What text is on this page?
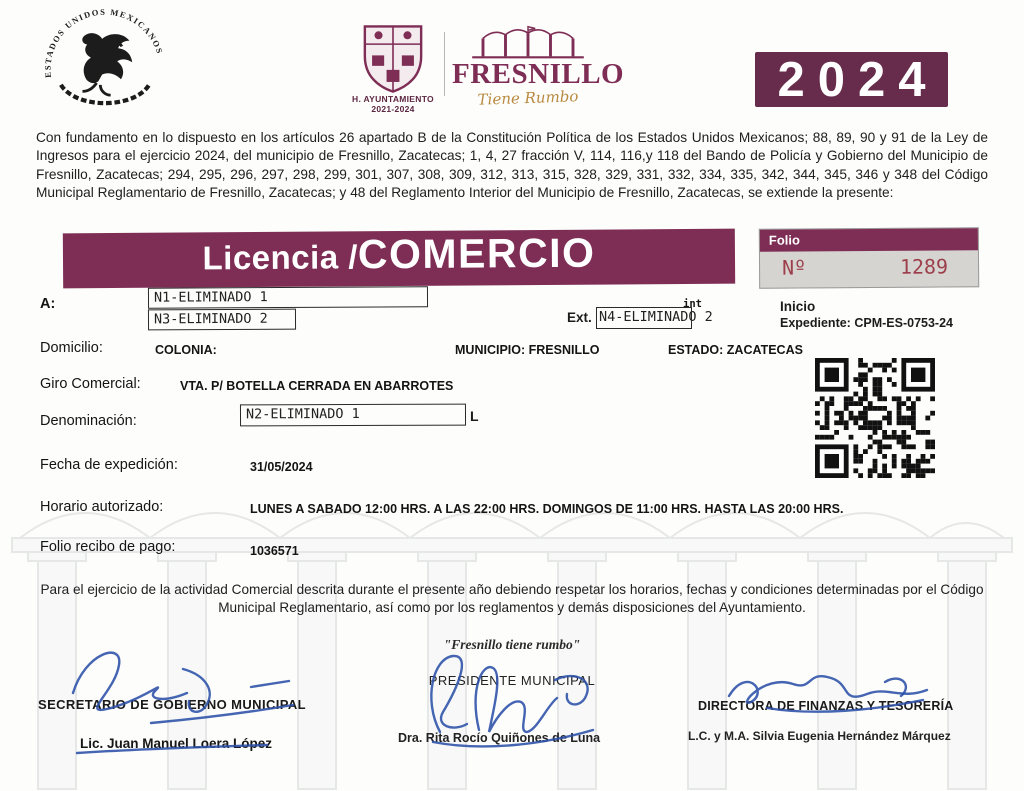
ESTADOS UNIDOS MEXICANOS
H. AYUNTAMIENTO
2021-2024
FRESNILLO
Tiene Rumbo	2024
Con fundamento en lo dispuesto en los artículos 26 apartado B de la Constitución Política de los Estados Unidos Mexicanos; 88, 89, 90 y 91 de la Ley de Ingresos para el ejercicio 2024, del municipio de Fresnillo, Zacatecas; 1, 4, 27 fracción V, 114, 116,y 118 del Bando de Policía y Gobierno del Municipio de Fresnillo, Zacatecas; 294, 295, 296, 297, 298, 299, 301, 307, 308, 309, 312, 313, 315, 328, 329, 331, 332, 334, 335, 342, 344, 345, 346 y 348 del Código Municipal Reglamentario de Fresnillo, Zacatecas; y 48 del Reglamento Interior del Municipio de Fresnillo, Zacatecas, se extiende la presente:
Licencia / COMERCIO	Folio
Nº	1289
A:	N1-ELIMINADO 1
N3-ELIMINADO 2	Ext. N4-ELIMINADO 2
int	Inicio
Expediente: CPM-ES-0753-24
Domicilio:	COLONIA:	MUNICIPIO: FRESNILLO	ESTADO: ZACATECAS
Giro Comercial:	VTA. P/ BOTELLA CERRADA EN ABARROTES
Denominación:	N2-ELIMINADO 1	L
Fecha de expedición:	31/05/2024
Horario autorizado:	LUNES A SABADO 12:00 HRS. A LAS 22:00 HRS. DOMINGOS DE 11:00 HRS. HASTA LAS 20:00 HRS.
Folio recibo de pago:	1036571
Para el ejercicio de la actividad Comercial descrita durante el presente año debiendo respetar los horarios, fechas y condiciones determinadas por el Código Municipal Reglamentario, así como por los reglamentos y demás disposiciones del Ayuntamiento.
"Fresnillo tiene rumbo"
PRESIDENTE MUNICIPAL
SECRETARIO DE GOBIERNO MUNICIPAL	DIRECTORA DE FINANZAS Y TESORERÍA
Lic. Juan Manuel Loera López	Dra. Rita Rocío Quiñones de Luna	L.C. y M.A. Silvia Eugenia Hernández Márquez
